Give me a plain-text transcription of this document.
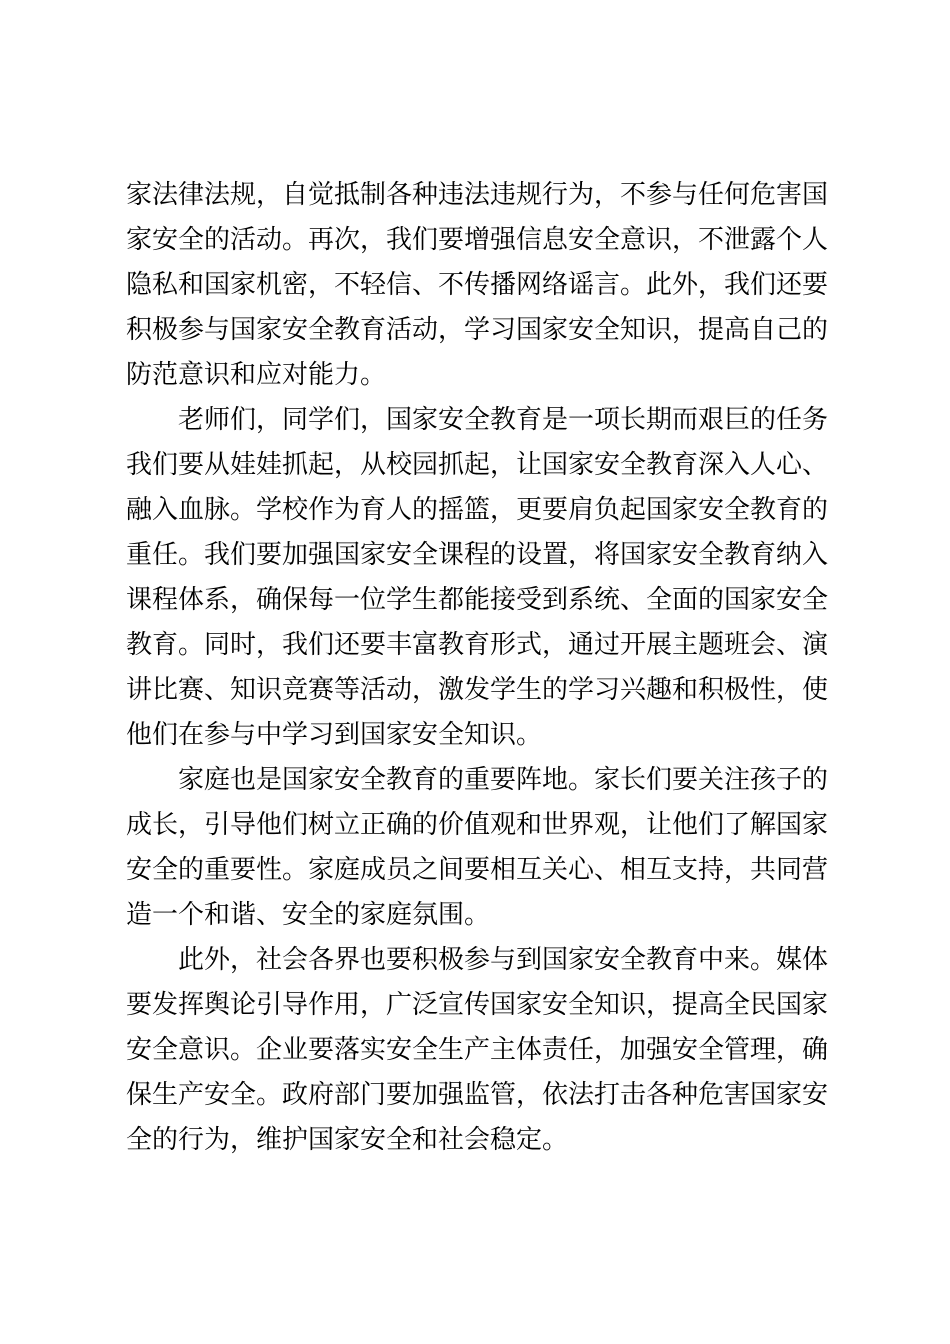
家法律法规，自觉抵制各种违法违规行为，不参与任何危害国
家安全的活动。再次，我们要增强信息安全意识，不泄露个人
隐私和国家机密，不轻信、不传播网络谣言。此外，我们还要
积极参与国家安全教育活动，学习国家安全知识，提高自己的
防范意识和应对能力。
老师们，同学们，国家安全教育是一项长期而艰巨的任务
我们要从娃娃抓起，从校园抓起，让国家安全教育深入人心、
融入血脉。学校作为育人的摇篮，更要肩负起国家安全教育的
重任。我们要加强国家安全课程的设置，将国家安全教育纳入
课程体系，确保每一位学生都能接受到系统、全面的国家安全
教育。同时，我们还要丰富教育形式，通过开展主题班会、演
讲比赛、知识竞赛等活动，激发学生的学习兴趣和积极性，使
他们在参与中学习到国家安全知识。
家庭也是国家安全教育的重要阵地。家长们要关注孩子的
成长，引导他们树立正确的价值观和世界观，让他们了解国家
安全的重要性。家庭成员之间要相互关心、相互支持，共同营
造一个和谐、安全的家庭氛围。
此外，社会各界也要积极参与到国家安全教育中来。媒体
要发挥舆论引导作用，广泛宣传国家安全知识，提高全民国家
安全意识。企业要落实安全生产主体责任，加强安全管理，确
保生产安全。政府部门要加强监管，依法打击各种危害国家安
全的行为，维护国家安全和社会稳定。
